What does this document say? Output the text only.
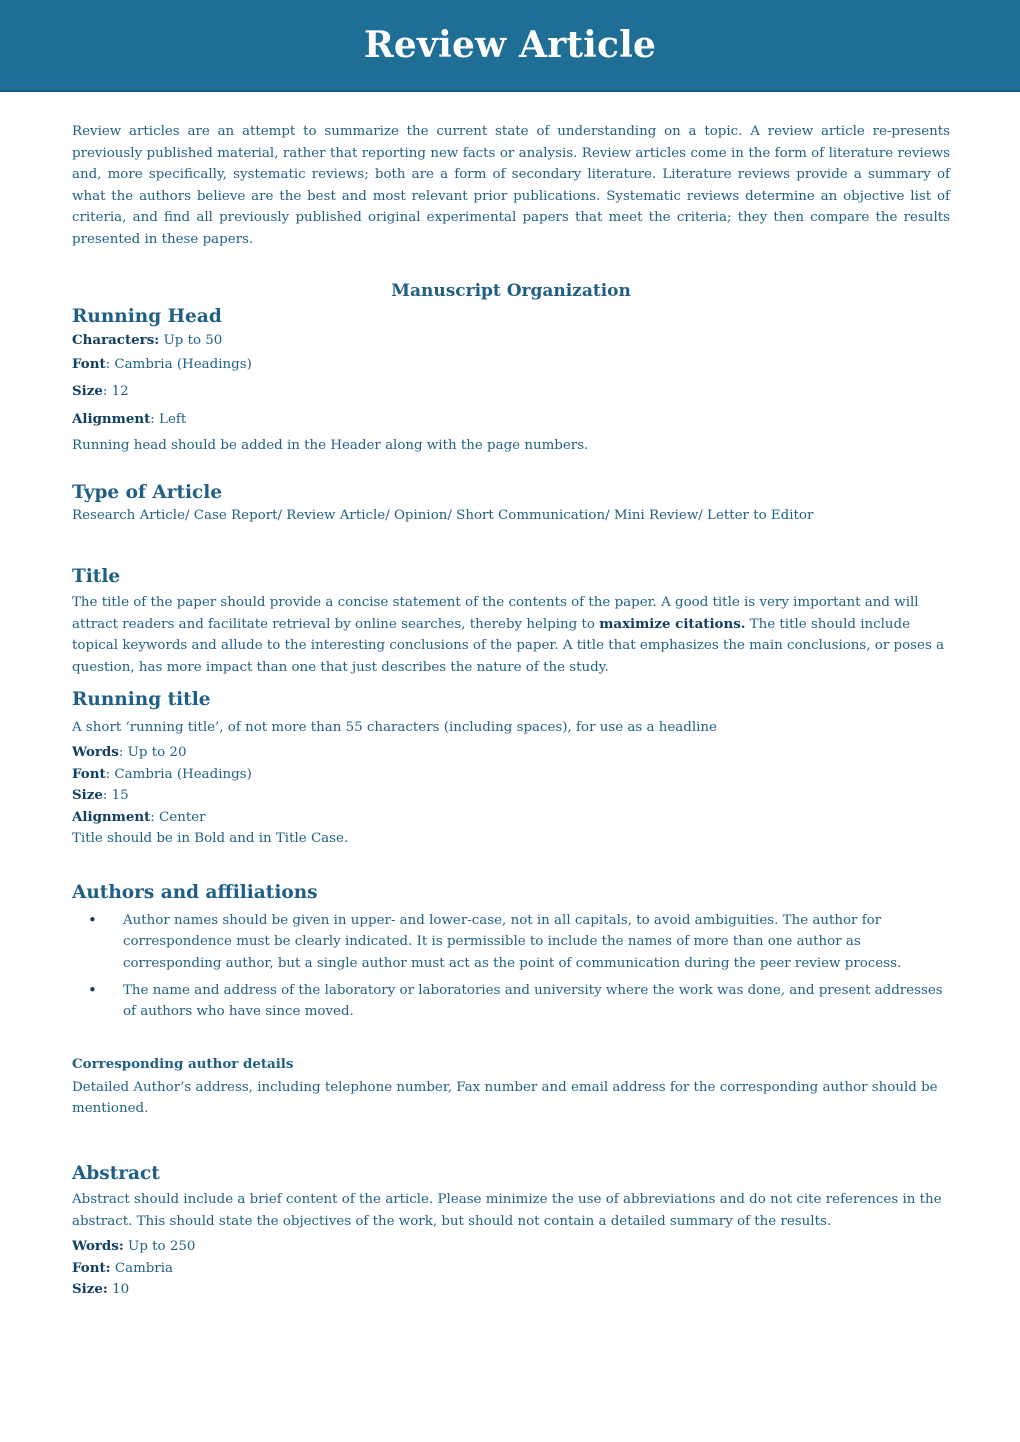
Review Article

Review articles are an attempt to summarize the current state of understanding on a topic. A review article re-presents previously published material, rather that reporting new facts or analysis. Review articles come in the form of literature reviews and, more specifically, systematic reviews; both are a form of secondary literature. Literature reviews provide a summary of what the authors believe are the best and most relevant prior publications. Systematic reviews determine an objective list of criteria, and find all previously published original experimental papers that meet the criteria; they then compare the results presented in these papers.

Manuscript Organization
Running Head
Characters: Up to 50
Font: Cambria (Headings)
Size: 12
Alignment: Left
Running head should be added in the Header along with the page numbers.
Type of Article
Research Article/ Case Report/ Review Article/ Opinion/ Short Communication/ Mini Review/ Letter to Editor
Title

The title of the paper should provide a concise statement of the contents of the paper. A good title is very important and will attract readers and facilitate retrieval by online searches, thereby helping to maximize citations. The title should include topical keywords and allude to the interesting conclusions of the paper. A title that emphasizes the main conclusions, or poses a question, has more impact than one that just describes the nature of the study.

Running title
A short ‘running title’, of not more than 55 characters (including spaces), for use as a headline
Words: Up to 20
Font: Cambria (Headings)
Size: 15
Alignment: Center
Title should be in Bold and in Title Case.
Authors and affiliations
• Author names should be given in upper- and lower-case, not in all capitals, to avoid ambiguities. The author for correspondence must be clearly indicated. It is permissible to include the names of more than one author as corresponding author, but a single author must act as the point of communication during the peer review process.
• The name and address of the laboratory or laboratories and university where the work was done, and present addresses of authors who have since moved.
Corresponding author details

Detailed Author’s address, including telephone number, Fax number and email address for the corresponding author should be mentioned.

Abstract

Abstract should include a brief content of the article. Please minimize the use of abbreviations and do not cite references in the abstract. This should state the objectives of the work, but should not contain a detailed summary of the results.

Words: Up to 250
Font: Cambria
Size: 10
